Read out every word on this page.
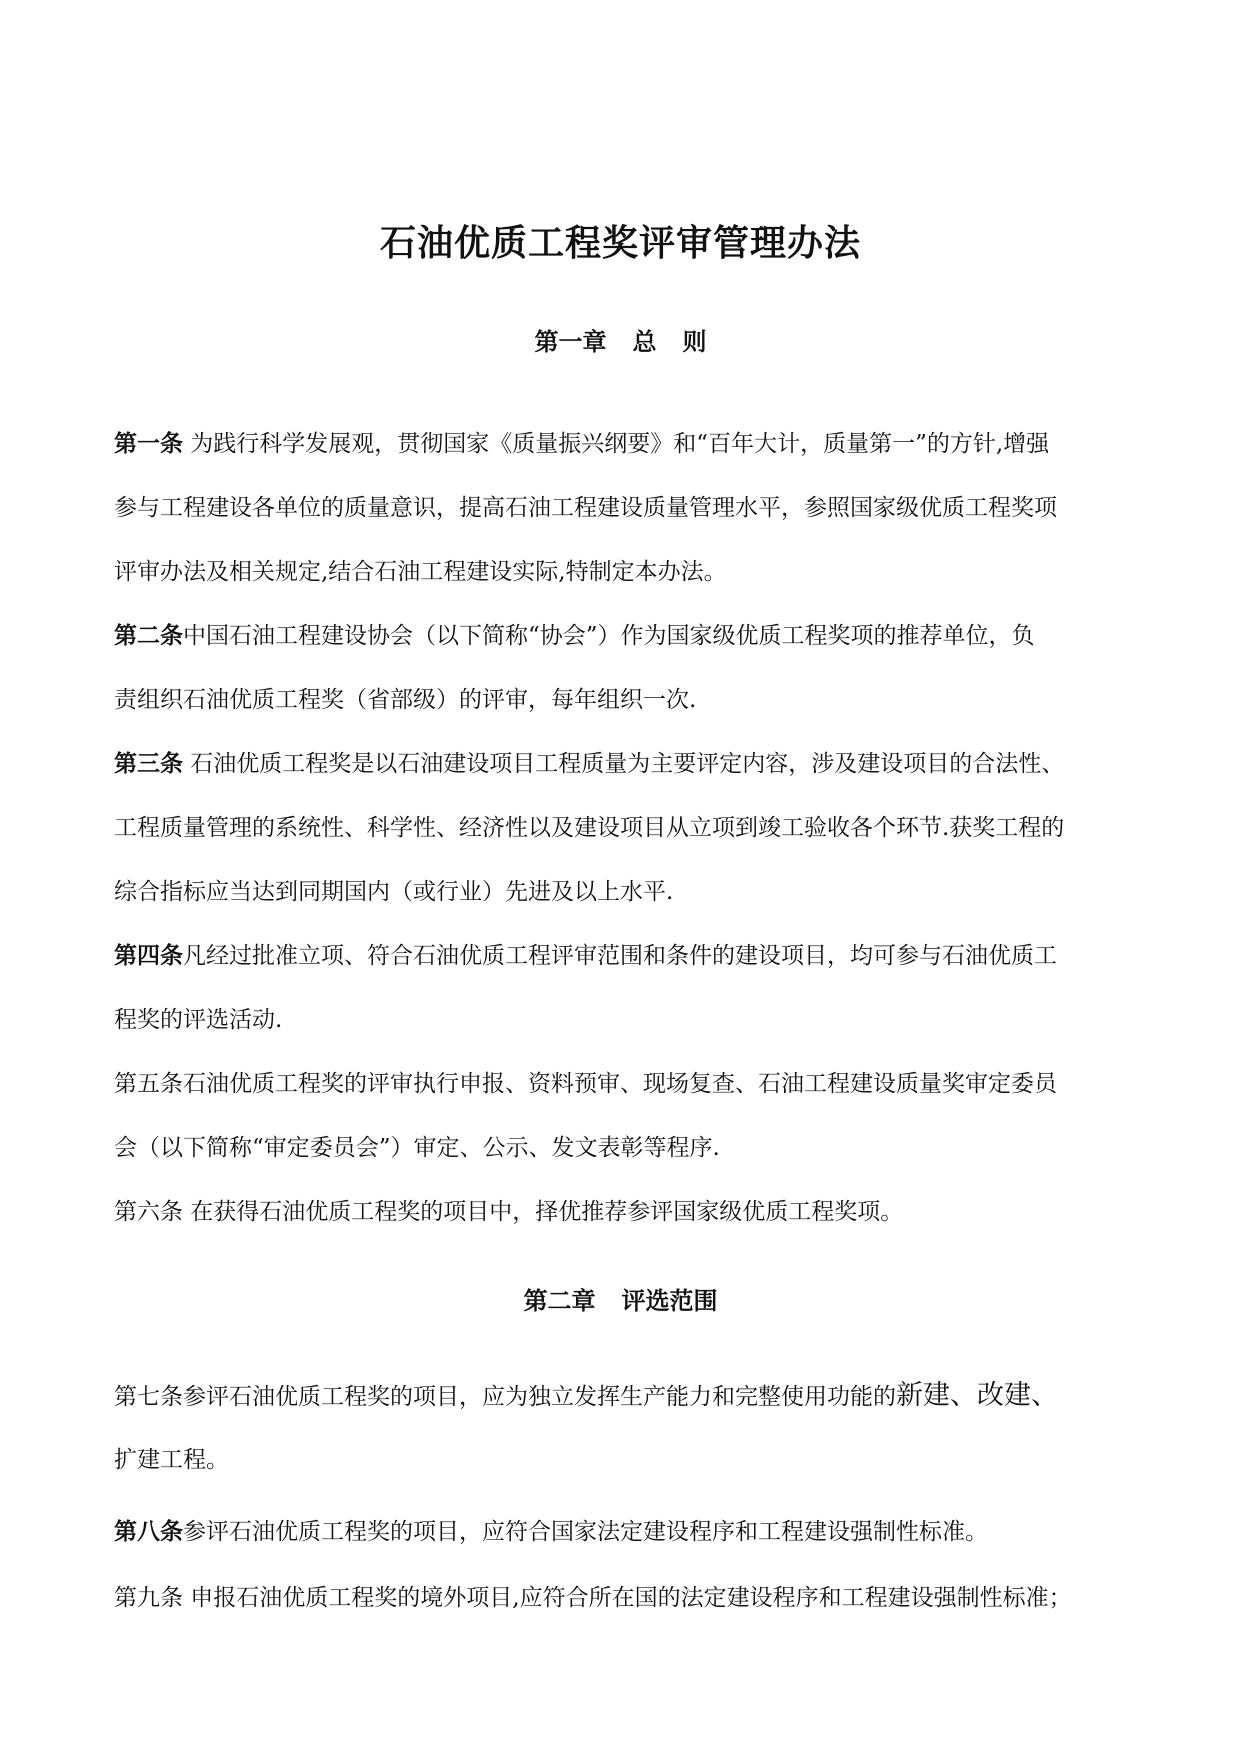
石油优质工程奖评审管理办法
第一章 总 则
第一条 为践行科学发展观，贯彻国家《质量振兴纲要》和“百年大计，质量第一”的方针,增强
参与工程建设各单位的质量意识，提高石油工程建设质量管理水平，参照国家级优质工程奖项
评审办法及相关规定,结合石油工程建设实际,特制定本办法。
第二条中国石油工程建设协会（以下简称“协会”）作为国家级优质工程奖项的推荐单位，负
责组织石油优质工程奖（省部级）的评审，每年组织一次.
第三条 石油优质工程奖是以石油建设项目工程质量为主要评定内容，涉及建设项目的合法性、
工程质量管理的系统性、科学性、经济性以及建设项目从立项到竣工验收各个环节.获奖工程的
综合指标应当达到同期国内（或行业）先进及以上水平.
第四条凡经过批准立项、符合石油优质工程评审范围和条件的建设项目，均可参与石油优质工
程奖的评选活动.
第五条石油优质工程奖的评审执行申报、资料预审、现场复查、石油工程建设质量奖审定委员
会（以下简称“审定委员会”）审定、公示、发文表彰等程序.
第六条 在获得石油优质工程奖的项目中，择优推荐参评国家级优质工程奖项。
第二章 评选范围
第七条参评石油优质工程奖的项目，应为独立发挥生产能力和完整使用功能的新建、改建、
扩建工程。
第八条参评石油优质工程奖的项目，应符合国家法定建设程序和工程建设强制性标准。
第九条 申报石油优质工程奖的境外项目,应符合所在国的法定建设程序和工程建设强制性标准；
